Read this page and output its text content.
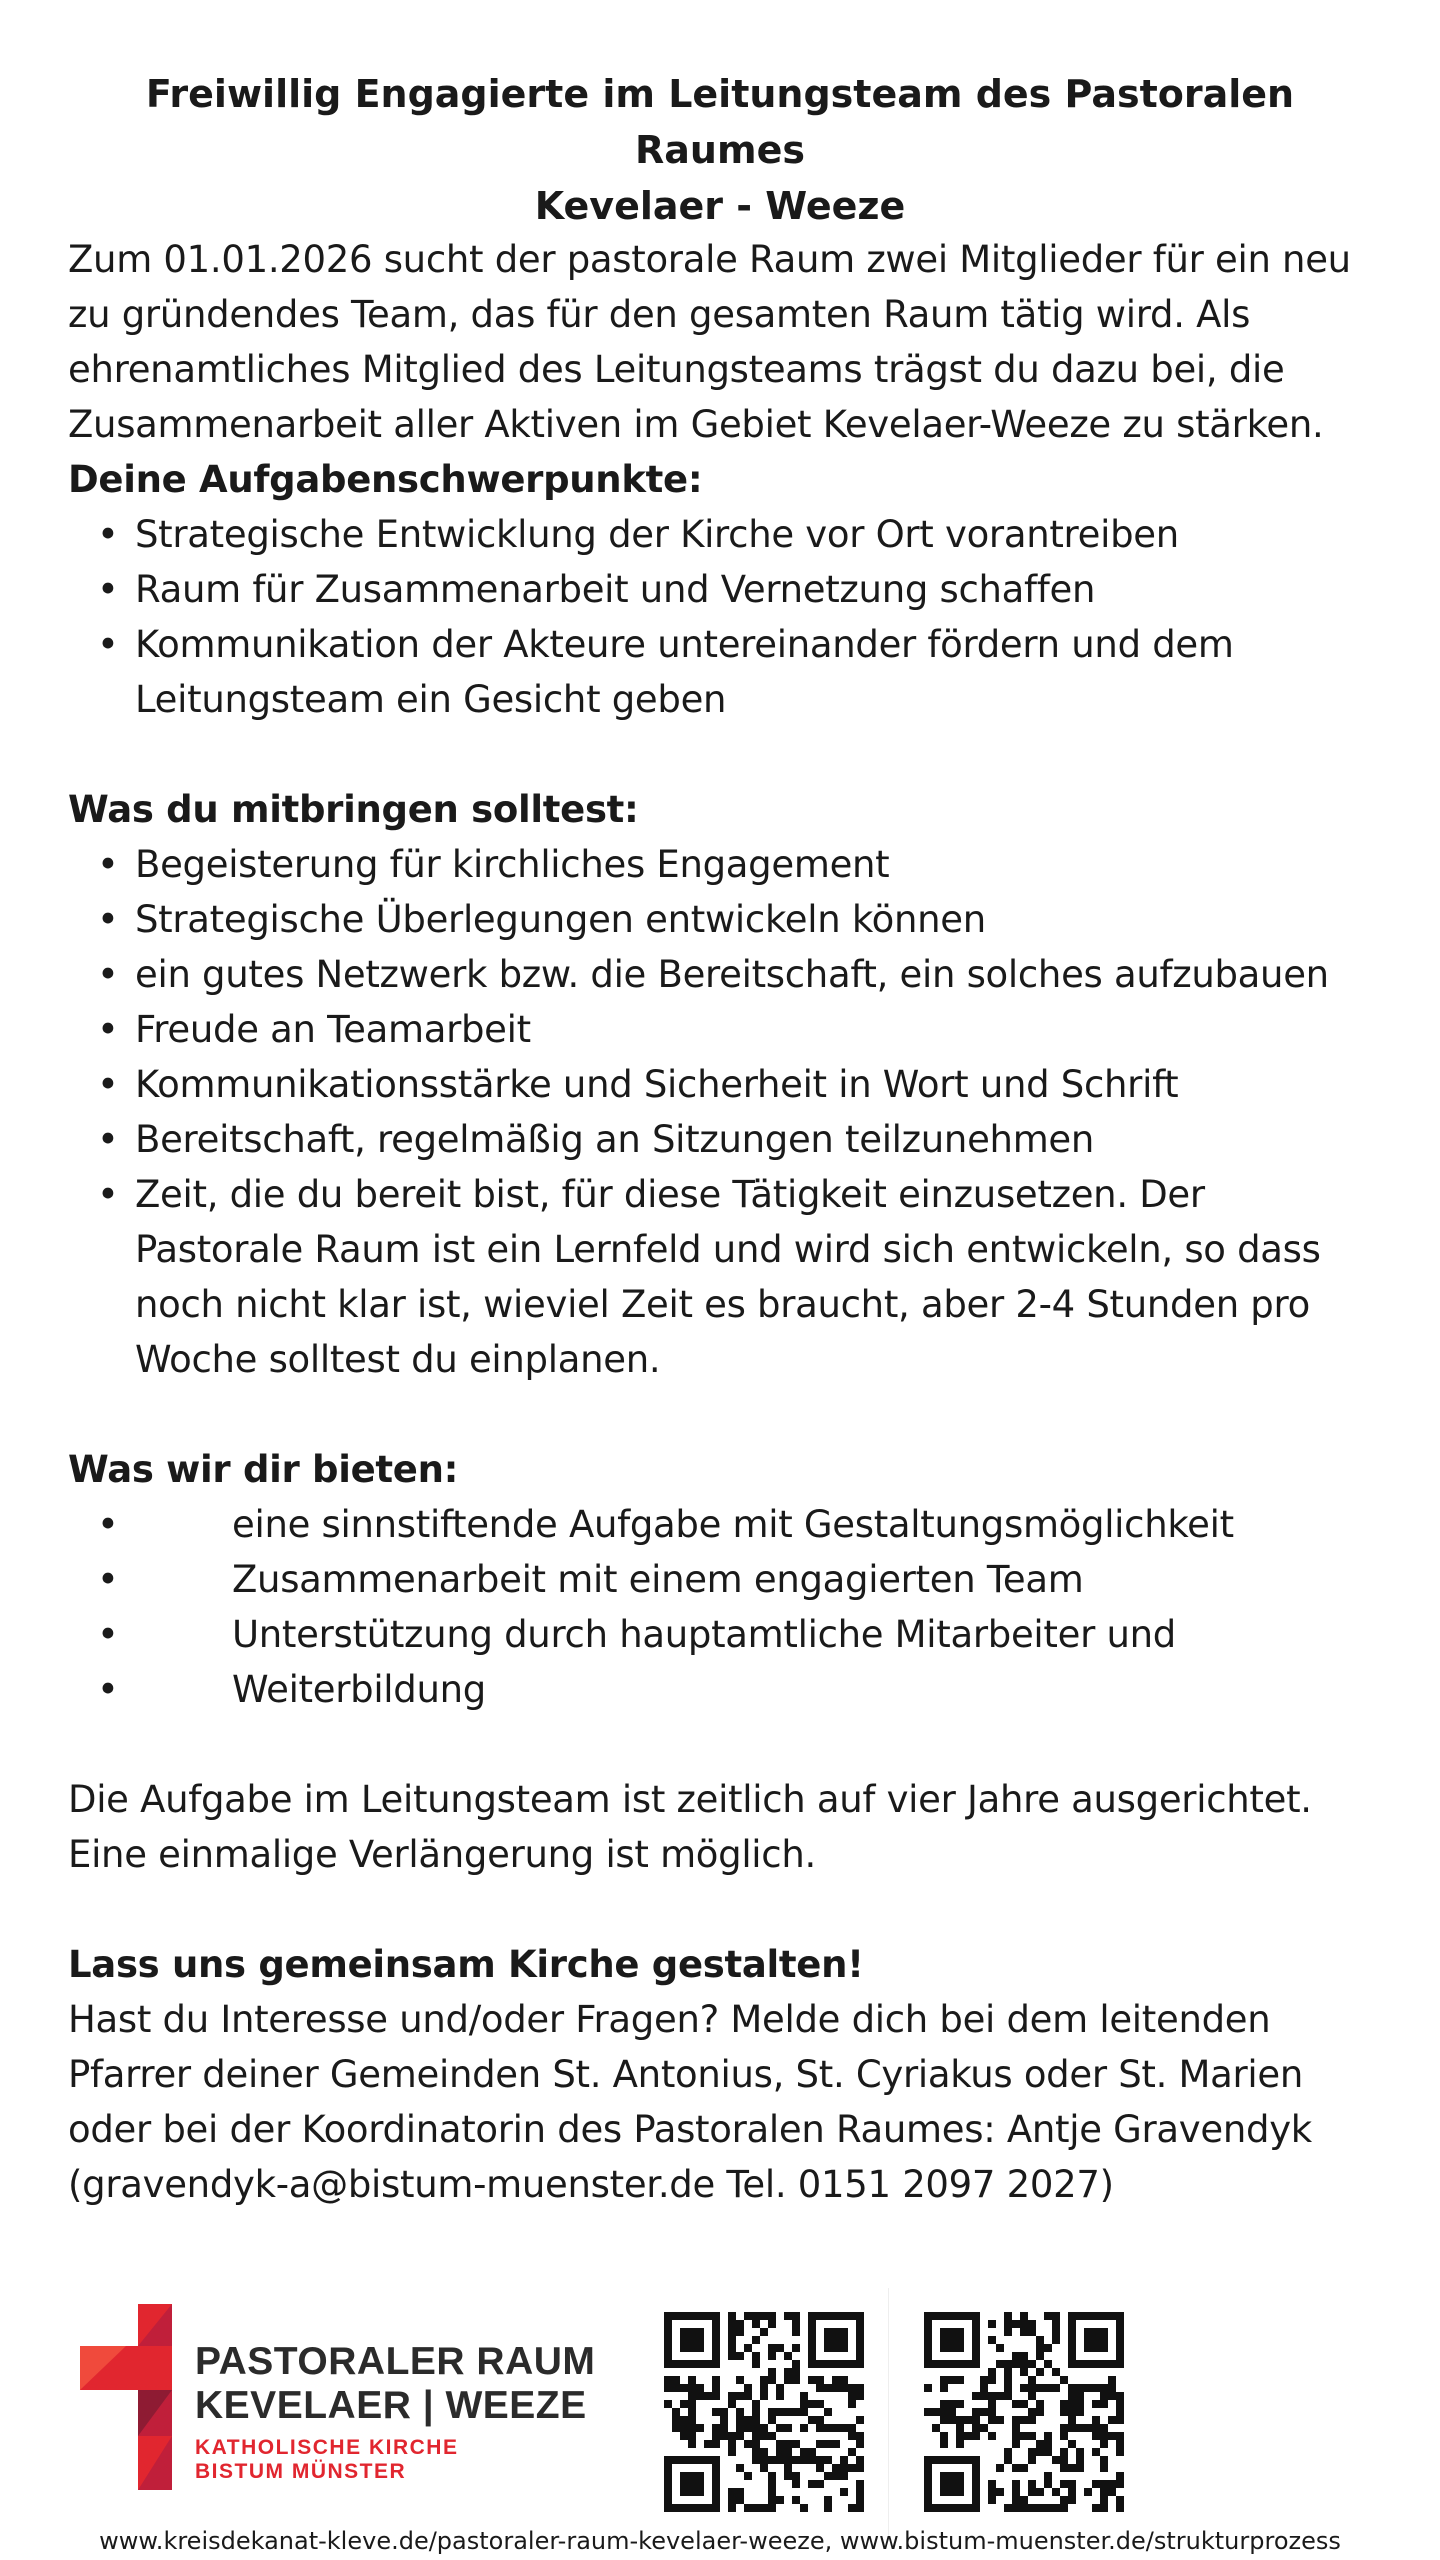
Freiwillig Engagierte im Leitungsteam des Pastoralen Raumes
Kevelaer - Weeze

Zum 01.01.2026 sucht der pastorale Raum zwei Mitglieder für ein neu zu gründendes Team, das für den gesamten Raum tätig wird. Als ehrenamtliches Mitglied des Leitungsteams trägst du dazu bei, die Zusammenarbeit aller Aktiven im Gebiet Kevelaer-Weeze zu stärken.

Deine Aufgabenschwerpunkte:

• Strategische Entwicklung der Kirche vor Ort vorantreiben
• Raum für Zusammenarbeit und Vernetzung schaffen
• Kommunikation der Akteure untereinander fördern und dem Leitungsteam ein Gesicht geben

Was du mitbringen solltest:

• Begeisterung für kirchliches Engagement
• Strategische Überlegungen entwickeln können
• ein gutes Netzwerk bzw. die Bereitschaft, ein solches aufzubauen
• Freude an Teamarbeit
• Kommunikationsstärke und Sicherheit in Wort und Schrift
• Bereitschaft, regelmäßig an Sitzungen teilzunehmen
• Zeit, die du bereit bist, für diese Tätigkeit einzusetzen. Der Pastorale Raum ist ein Lernfeld und wird sich entwickeln, so dass noch nicht klar ist, wieviel Zeit es braucht, aber 2-4 Stunden pro Woche solltest du einplanen.

Was wir dir bieten:

• eine sinnstiftende Aufgabe mit Gestaltungsmöglichkeit
• Zusammenarbeit mit einem engagierten Team
• Unterstützung durch hauptamtliche Mitarbeiter und
• Weiterbildung

Die Aufgabe im Leitungsteam ist zeitlich auf vier Jahre ausgerichtet. Eine einmalige Verlängerung ist möglich.

Lass uns gemeinsam Kirche gestalten!

Hast du Interesse und/oder Fragen? Melde dich bei dem leitenden Pfarrer deiner Gemeinden St. Antonius, St. Cyriakus oder St. Marien oder bei der Koordinatorin des Pastoralen Raumes: Antje Gravendyk (gravendyk-a@bistum-muenster.de Tel. 0151 2097 2027)

PASTORALER RAUM
KEVELAER | WEEZE
KATHOLISCHE KIRCHE
BISTUM MÜNSTER
www.kreisdekanat-kleve.de/pastoraler-raum-kevelaer-weeze, www.bistum-muenster.de/strukturprozess
